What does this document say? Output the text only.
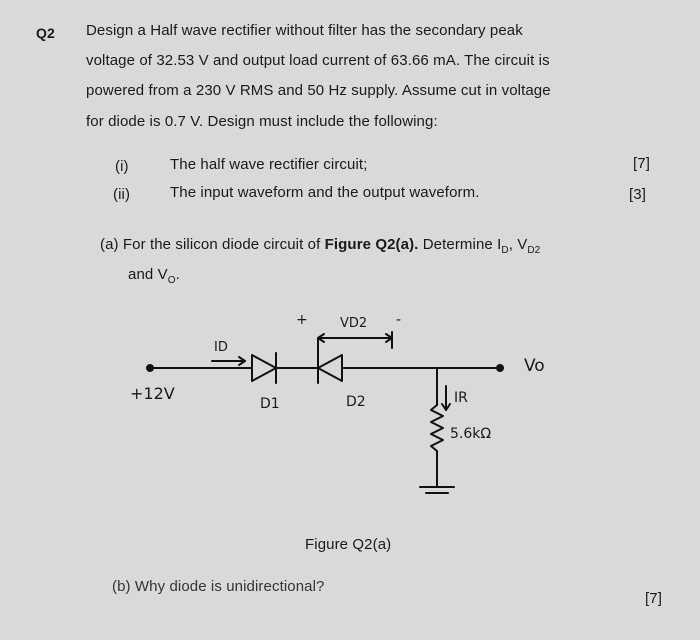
Q2 Design a Half wave rectifier without filter has the secondary peak
voltage of 32.53 V and output load current of 63.66 mA. The circuit is
powered from a 230 V RMS and 50 Hz supply. Assume cut in voltage
for diode is 0.7 V. Design must include the following:
(i)	The half wave rectifier circuit;	[7]
(ii)	The input waveform and the output waveform.	[3]
(a) For the silicon diode circuit of Figure Q2(a). Determine $I_D$, $V_{D2}$
and $V_O$.
+	-
VD2
ID
Vo
+12V
D1	D2	IR
5.6kΩ
Figure Q2(a)
(b) Why diode is unidirectional?
[7]
